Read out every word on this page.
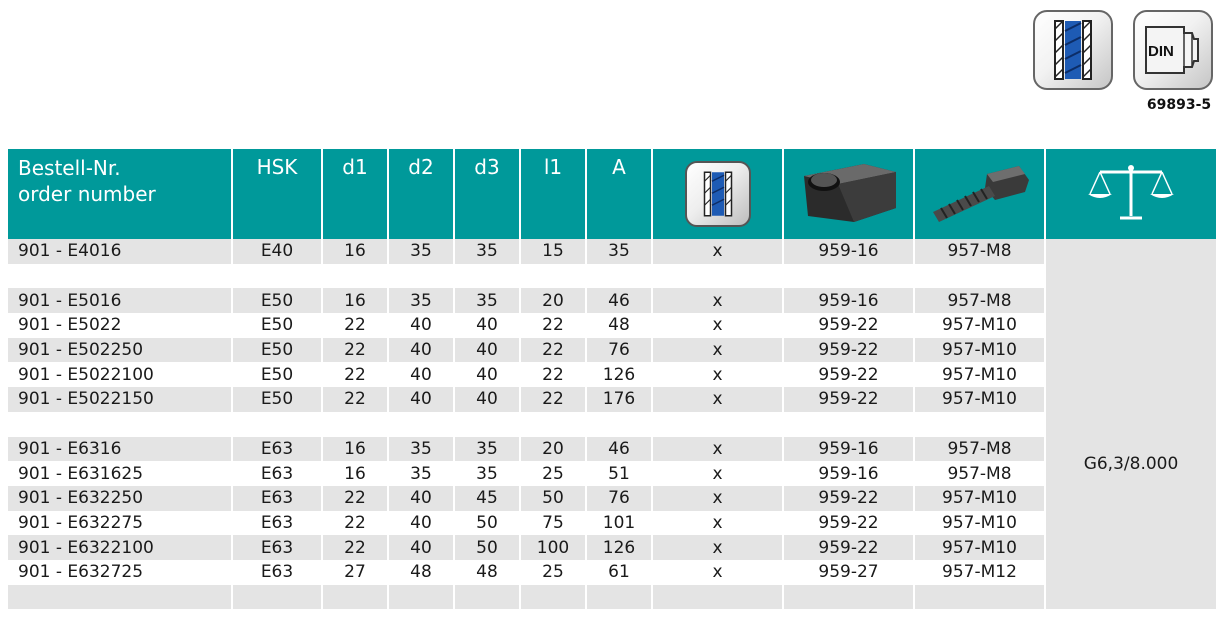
DIN
69893-5
Bestell-Nr.
order number	HSK	d1	d2	d3	l1	A	

901 - E4016	E40	16	35	35	15	35	x	959-16	957-M8	G6,3/8.000

901 - E5016	E50	16	35	35	20	46	x	959-16	957-M8	
901 - E5022	E50	22	40	40	22	48	x	959-22	957-M10	
901 - E502250	E50	22	40	40	22	76	x	959-22	957-M10	
901 - E5022100	E50	22	40	40	22	126	x	959-22	957-M10	
901 - E5022150	E50	22	40	40	22	176	x	959-22	957-M10	

901 - E6316	E63	16	35	35	20	46	x	959-16	957-M8	
901 - E631625	E63	16	35	35	25	51	x	959-16	957-M8	
901 - E632250	E63	22	40	45	50	76	x	959-22	957-M10	
901 - E632275	E63	22	40	50	75	101	x	959-22	957-M10	
901 - E6322100	E63	22	40	50	100	126	x	959-22	957-M10	
901 - E632725	E63	27	48	48	25	61	x	959-27	957-M12	
